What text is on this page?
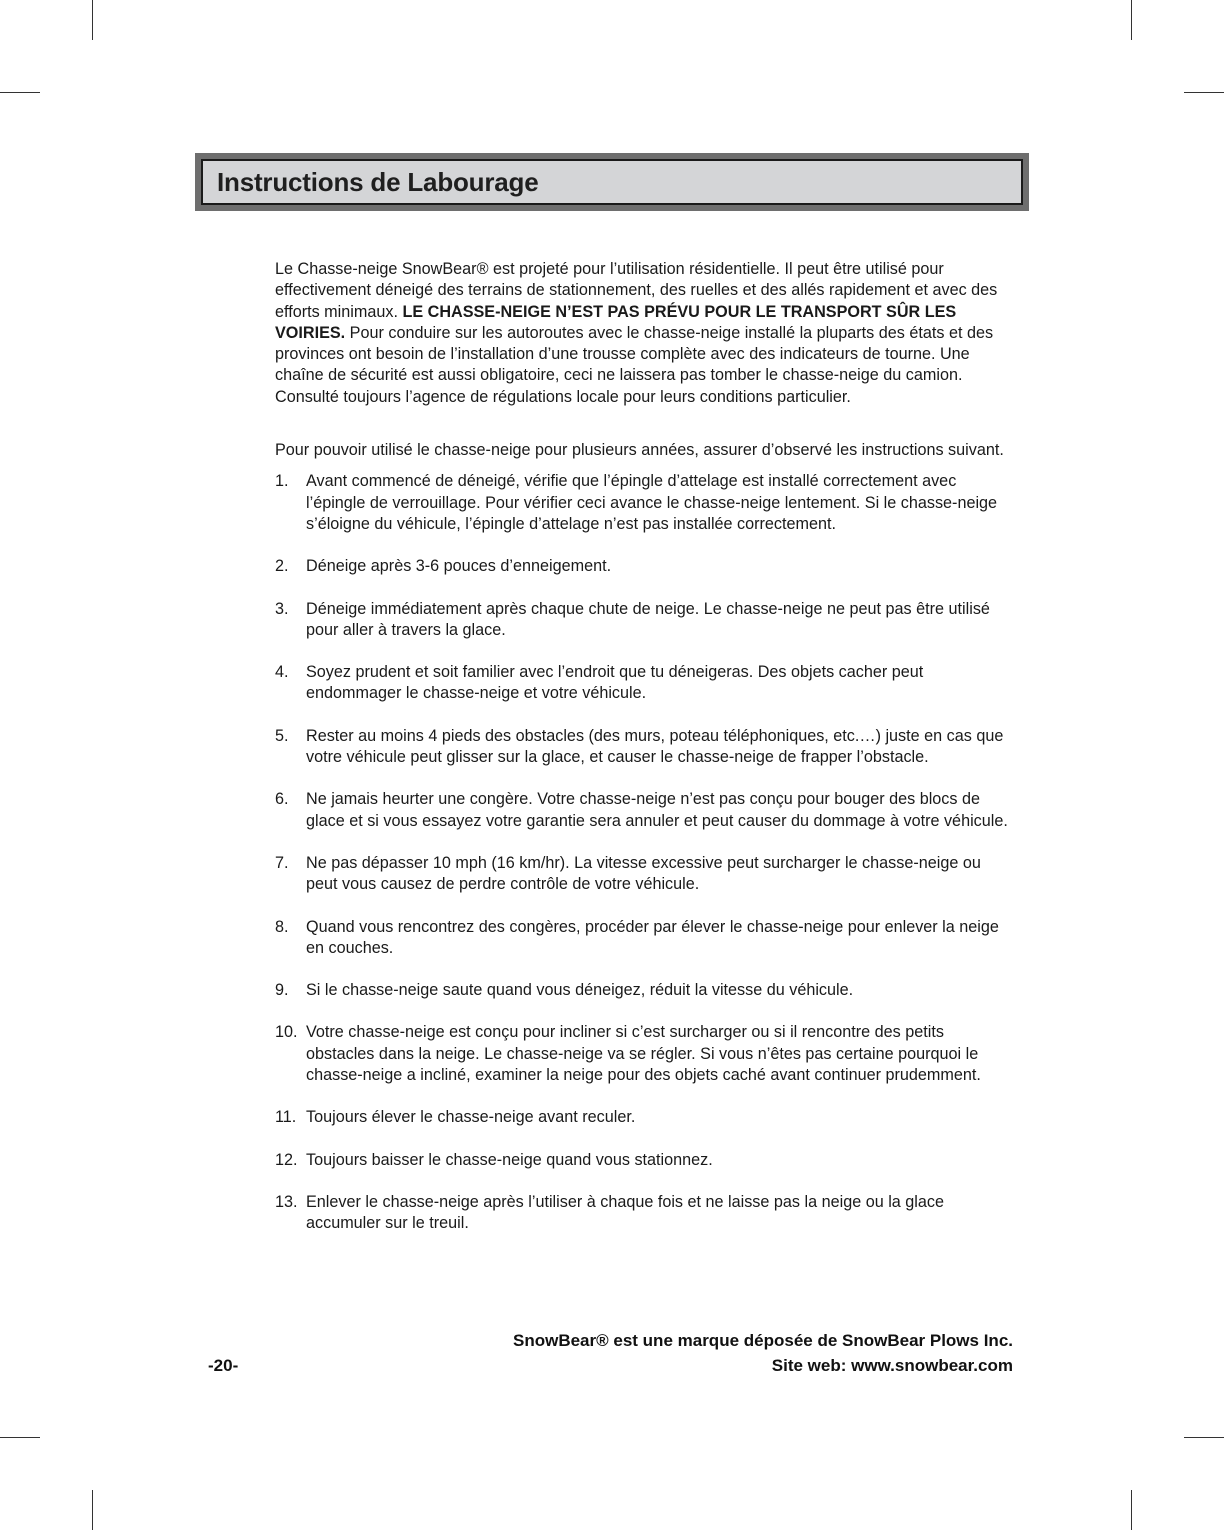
Instructions de Labourage

Le Chasse-neige SnowBear® est projeté pour l’utilisation résidentielle. Il peut être utilisé pour effectivement déneigé des terrains de stationnement, des ruelles et des allés rapidement et avec des efforts minimaux. LE CHASSE-NEIGE N’EST PAS PRÉVU POUR LE TRANSPORT SÛR LES VOIRIES. Pour conduire sur les autoroutes avec le chasse-neige installé la pluparts des états et des provinces ont besoin de l’installation d’une trousse complète avec des indicateurs de tourne. Une chaîne de sécurité est aussi obligatoire, ceci ne laissera pas tomber le chasse-neige du camion. Consulté toujours l’agence de régulations locale pour leurs conditions particulier.

Pour pouvoir utilisé le chasse-neige pour plusieurs années, assurer d’observé les instructions suivant.

1.	Avant commencé de déneigé, vérifie que l’épingle d’attelage est installé correctement avec l’épingle de verrouillage. Pour vérifier ceci avance le chasse-neige lentement. Si le chasse-neige s’éloigne du véhicule, l’épingle d’attelage n’est pas installée correctement.
2.	Déneige après 3-6 pouces d’enneigement.
3.	Déneige immédiatement après chaque chute de neige. Le chasse-neige ne peut pas être utilisé pour aller à travers la glace.
4.	Soyez prudent et soit familier avec l’endroit que tu déneigeras. Des objets cacher peut endommager le chasse-neige et votre véhicule.
5.	Rester au moins 4 pieds des obstacles (des murs, poteau téléphoniques, etc.…) juste en cas que votre véhicule peut glisser sur la glace, et causer le chasse-neige de frapper l’obstacle.
6.	Ne jamais heurter une congère. Votre chasse-neige n’est pas conçu pour bouger des blocs de glace et si vous essayez votre garantie sera annuler et peut causer du dommage à votre véhicule.
7.	Ne pas dépasser 10 mph (16 km/hr). La vitesse excessive peut surcharger le chasse-neige ou peut vous causez de perdre contrôle de votre véhicule.
8.	Quand vous rencontrez des congères, procéder par élever le chasse-neige pour enlever la neige en couches.
9.	Si le chasse-neige saute quand vous déneigez, réduit la vitesse du véhicule.
10. Votre chasse-neige est conçu pour incliner si c’est surcharger ou si il rencontre des petits obstacles dans la neige. Le chasse-neige va se régler. Si vous n’êtes pas certaine pourquoi le chasse-neige a incliné, examiner la neige pour des objets caché avant continuer prudemment.
11. Toujours élever le chasse-neige avant reculer.
12. Toujours baisser le chasse-neige quand vous stationnez.
13. Enlever le chasse-neige après l’utiliser à chaque fois et ne laisse pas la neige ou la glace accumuler sur le treuil.
SnowBear® est une marque déposée de SnowBear Plows Inc.
Site web: www.snowbear.com
-20-
